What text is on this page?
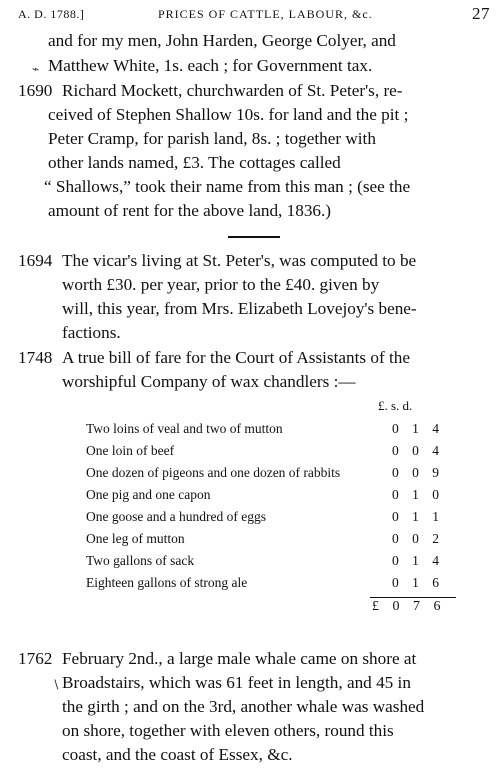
A. D. 1788.]	PRICES OF CATTLE, LABOUR, &c.	27
and for my men, John Harden, George Colyer, and
⌁ Matthew White, 1s. each ; for Government tax.
1690 Richard Mockett, churchwarden of St. Peter's, re-
ceived of Stephen Shallow 10s. for land and the pit ;
Peter Cramp, for parish land, 8s. ; together with
other lands named, £3. The cottages called
“ Shallows,” took their name from this man ; (see the
amount of rent for the above land, 1836.)
1694 The vicar's living at St. Peter's, was computed to be
worth £30. per year, prior to the £40. given by
will, this year, from Mrs. Elizabeth Lovejoy's bene-
factions.
1748 A true bill of fare for the Court of Assistants of the
worshipful Company of wax chandlers :—
£. s. d.
Two loins of veal and two of mutton	0 1 4
One loin of beef	0 0 4
One dozen of pigeons and one dozen of rabbits	0 0 9
One pig and one capon	0 1 0
One goose and a hundred of eggs	0 1 1
One leg of mutton	0 0 2
Two gallons of sack	0 1 4
Eighteen gallons of strong ale	0 1 6
£ 0 7 6
1762 February 2nd., a large male whale came on shore at
∖ Broadstairs, which was 61 feet in length, and 45 in
the girth ; and on the 3rd, another whale was washed
on shore, together with eleven others, round this
coast, and the coast of Essex, &c.
